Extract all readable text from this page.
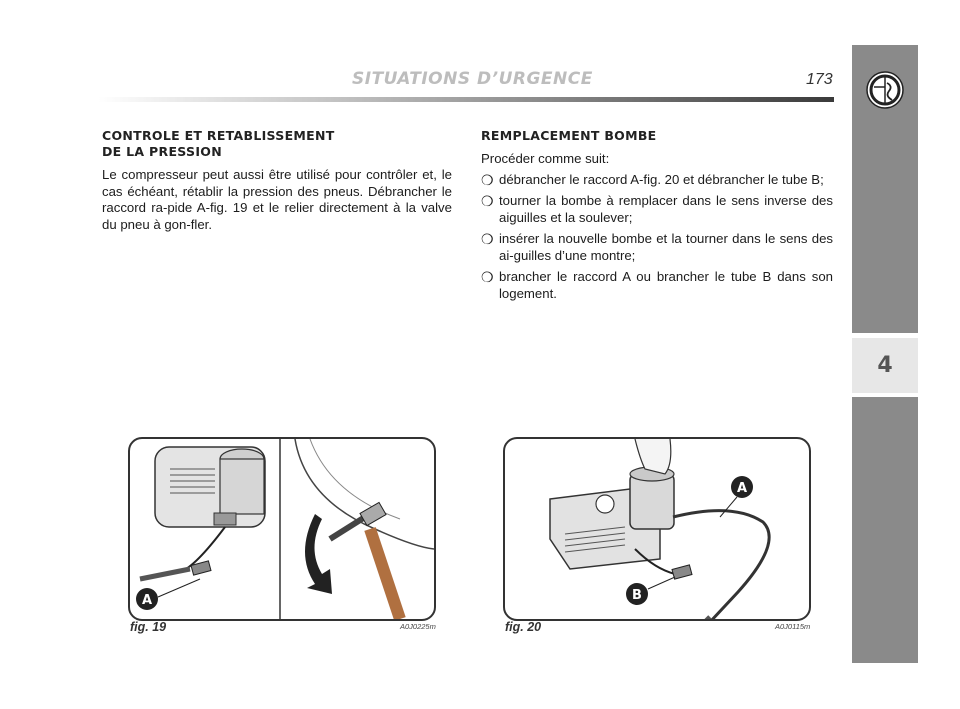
4
SITUATIONS D’URGENCE	173
CONTROLE ET RETABLISSEMENT
DE LA PRESSION
Le compresseur peut aussi être utilisé pour contrôler et, le cas échéant, rétablir la pression des pneus. Débrancher le raccord ra-pide A-fig. 19 et le relier directement à la valve du pneu à gon-fler.
REMPLACEMENT BOMBE
Procéder comme suit:
❍ débrancher le raccord A-fig. 20 et débrancher le tube B;
❍ tourner la bombe à remplacer dans le sens inverse des aiguilles et la soulever;
❍ insérer la nouvelle bombe et la tourner dans le sens des ai-guilles d’une montre;
❍ brancher le raccord A ou brancher le tube B dans son logement.
A
fig. 19	A0J0225m
A
B
fig. 20	A0J0115m
